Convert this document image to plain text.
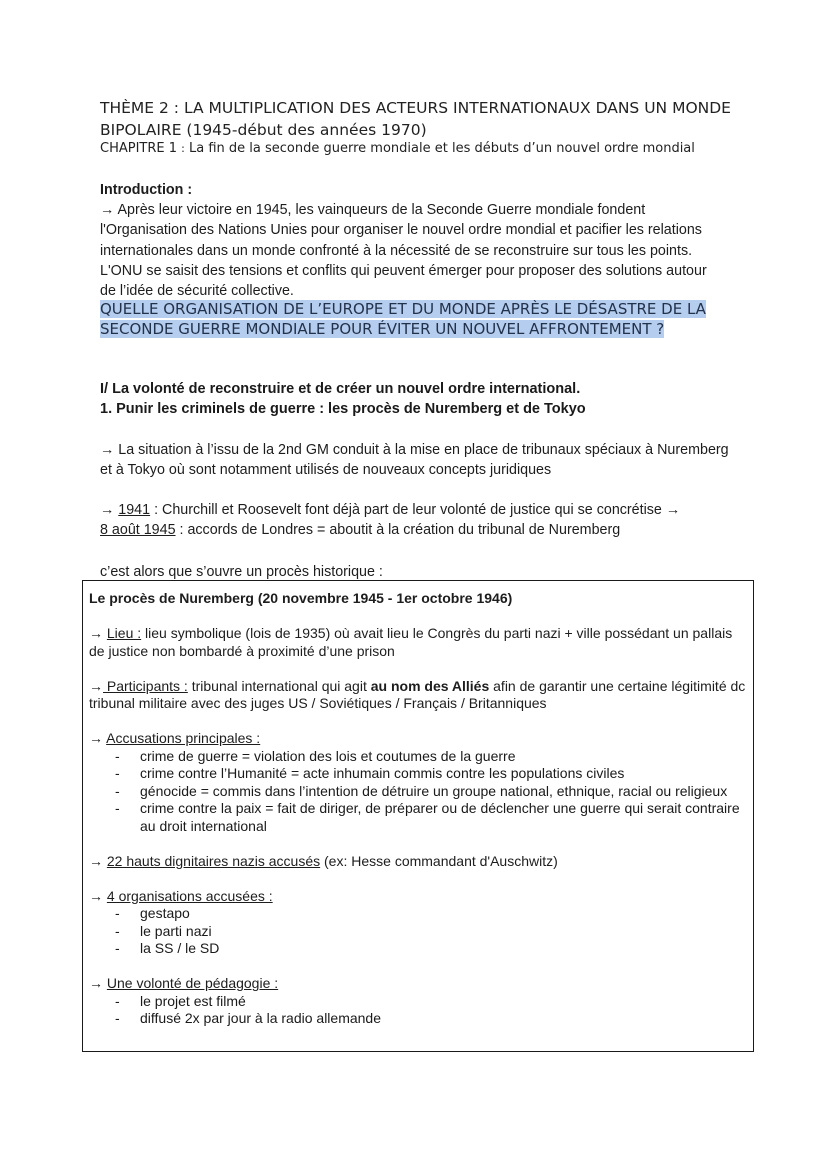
THÈME 2 : LA MULTIPLICATION DES ACTEURS INTERNATIONAUX DANS UN MONDE BIPOLAIRE (1945-début des années 1970)
CHAPITRE 1 : La fin de la seconde guerre mondiale et les débuts d’un nouvel ordre mondial
Introduction :
→ Après leur victoire en 1945, les vainqueurs de la Seconde Guerre mondiale fondent l'Organisation des Nations Unies pour organiser le nouvel ordre mondial et pacifier les relations internationales dans un monde confronté à la nécessité de se reconstruire sur tous les points. L'ONU se saisit des tensions et conflits qui peuvent émerger pour proposer des solutions autour de l’idée de sécurité collective.
QUELLE ORGANISATION DE L’EUROPE ET DU MONDE APRÈS LE DÉSASTRE DE LA SECONDE GUERRE MONDIALE POUR ÉVITER UN NOUVEL AFFRONTEMENT ?
I/ La volonté de reconstruire et de créer un nouvel ordre international.
1. Punir les criminels de guerre : les procès de Nuremberg et de Tokyo
→ La situation à l’issu de la 2nd GM conduit à la mise en place de tribunaux spéciaux à Nuremberg et à Tokyo où sont notamment utilisés de nouveaux concepts juridiques
→ 1941 : Churchill et Roosevelt font déjà part de leur volonté de justice qui se concrétise →
8 août 1945 : accords de Londres = aboutit à la création du tribunal de Nuremberg
c’est alors que s’ouvre un procès historique :
Le procès de Nuremberg (20 novembre 1945 - 1er octobre 1946)
→ Lieu : lieu symbolique (lois de 1935) où avait lieu le Congrès du parti nazi + ville possédant un pallais de justice non bombardé à proximité d’une prison
→ Participants : tribunal international qui agit au nom des Alliés afin de garantir une certaine légitimité dc tribunal militaire avec des juges US / Soviétiques / Français / Britanniques
→ Accusations principales :
- crime de guerre = violation des lois et coutumes de la guerre
- crime contre l’Humanité = acte inhumain commis contre les populations civiles
- génocide = commis dans l’intention de détruire un groupe national, ethnique, racial ou religieux
- crime contre la paix = fait de diriger, de préparer ou de déclencher une guerre qui serait contraire au droit international
→ 22 hauts dignitaires nazis accusés (ex: Hesse commandant d'Auschwitz)
→ 4 organisations accusées :
- gestapo
- le parti nazi
- la SS / le SD
→ Une volonté de pédagogie :
- le projet est filmé
- diffusé 2x par jour à la radio allemande
